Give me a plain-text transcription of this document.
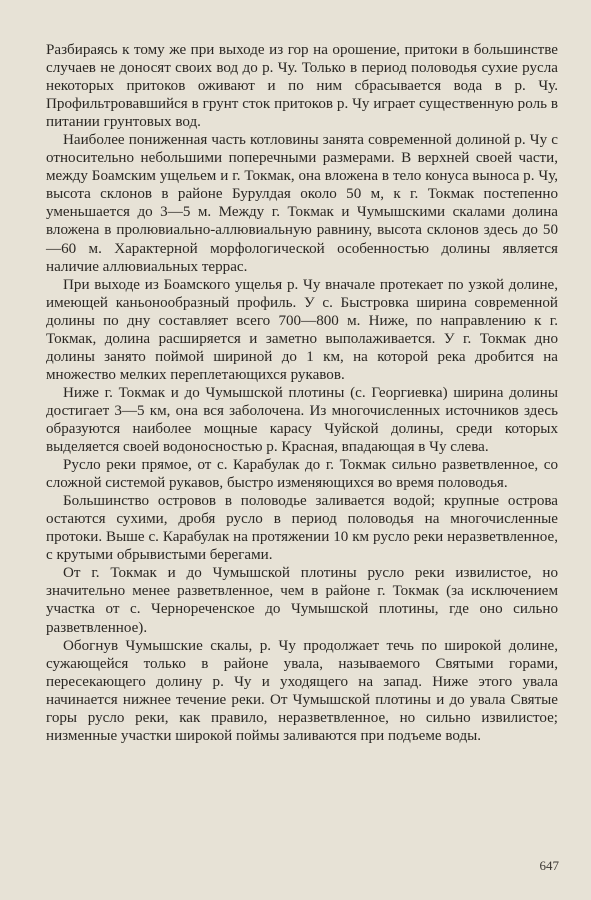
Разбираясь к тому же при выходе из гор на орошение, притоки в большинстве случаев не доносят своих вод до р. Чу. Только в период половодья сухие русла некоторых притоков оживают и по ним сбрасывается вода в р. Чу. Профильтровавшийся в грунт сток притоков р. Чу играет существенную роль в питании грунтовых вод.

Наиболее пониженная часть котловины занята современной долиной р. Чу с относительно небольшими поперечными размерами. В верхней своей части, между Боамским ущельем и г. Токмак, она вложена в тело конуса выноса р. Чу, высота склонов в районе Бурулдая около 50 м, к г. Токмак постепенно уменьшается до 3—5 м. Между г. Токмак и Чумышскими скалами долина вложена в пролювиально-аллювиальную равнину, высота склонов здесь до 50—60 м. Характерной морфологической особенностью долины является наличие аллювиальных террас.

При выходе из Боамского ущелья р. Чу вначале протекает по узкой долине, имеющей каньонообразный профиль. У с. Быстровка ширина современной долины по дну составляет всего 700—800 м. Ниже, по направлению к г. Токмак, долина расширяется и заметно выполаживается. У г. Токмак дно долины занято поймой шириной до 1 км, на которой река дробится на множество мелких переплетающихся рукавов.

Ниже г. Токмак и до Чумышской плотины (с. Георгиевка) ширина долины достигает 3—5 км, она вся заболочена. Из многочисленных источников здесь образуются наиболее мощные карасу Чуйской долины, среди которых выделяется своей водоносностью р. Красная, впадающая в Чу слева.

Русло реки прямое, от с. Карабулак до г. Токмак сильно разветвленное, со сложной системой рукавов, быстро изменяющихся во время половодья.

Большинство островов в половодье заливается водой; крупные острова остаются сухими, дробя русло в период половодья на многочисленные протоки. Выше с. Карабулак на протяжении 10 км русло реки неразветвленное, с крутыми обрывистыми берегами.

От г. Токмак и до Чумышской плотины русло реки извилистое, но значительно менее разветвленное, чем в районе г. Токмак (за исключением участка от с. Чернореченское до Чумышской плотины, где оно сильно разветвленное).

Обогнув Чумышские скалы, р. Чу продолжает течь по широкой долине, сужающейся только в районе увала, называемого Святыми горами, пересекающего долину р. Чу и уходящего на запад. Ниже этого увала начинается нижнее течение реки. От Чумышской плотины и до увала Святые горы русло реки, как правило, неразветвленное, но сильно извилистое; низменные участки широкой поймы заливаются при подъеме воды.

647
